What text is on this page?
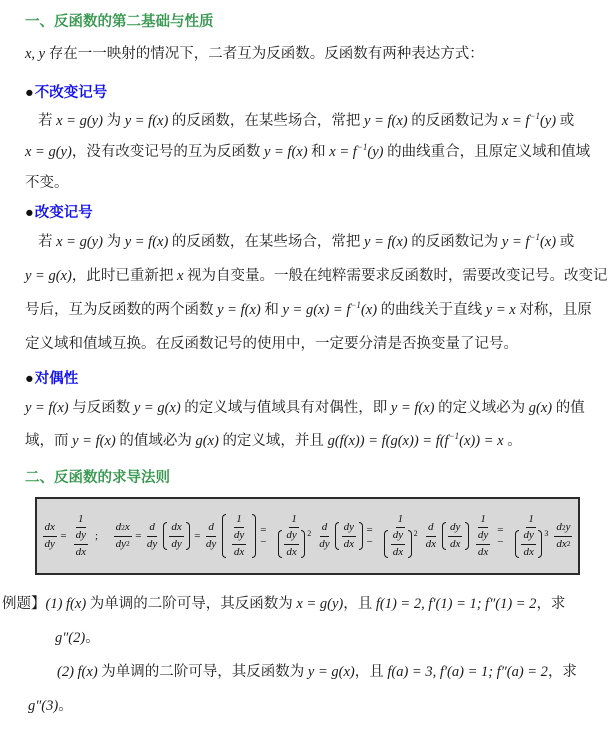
一、反函数的第二基础与性质
x, y 存在一一映射的情况下，二者互为反函数。反函数有两种表达方式：
●不改变记号
若 x = g(y) 为 y = f(x) 的反函数，在某些场合，常把 y = f(x) 的反函数记为 $x = f^{-1}(y)$ 或
x = g(y)，没有改变记号的互为反函数 y = f(x) 和 $x = f^{-1}(y)$ 的曲线重合，且原定义域和值域
不变。
●改变记号
若 x = g(y) 为 y = f(x) 的反函数，在某些场合，常把 y = f(x) 的反函数记为 $y = f^{-1}(x)$ 或
y = g(x)，此时已重新把 x 视为自变量。一般在纯粹需要求反函数时，需要改变记号。改变记
号后，互为反函数的两个函数 y = f(x) 和 $y = g(x) = f^{-1}(x)$ 的曲线关于直线 y = x 对称，且原
定义域和值域互换。在反函数记号的使用中，一定要分清是否换变量了记号。
●对偶性
y = f(x) 与反函数 y = g(x) 的定义域与值域具有对偶性，即 y = f(x) 的定义域必为 g(x) 的值
域，而 y = f(x) 的值域必为 g(x) 的定义域，并且 $g(f(x)) = f(g(x)) = f(f^{-1}(x)) = x$ 。
二、反函数的求导法则
$\frac{dx}{dy}$ =
1
dy
dx
; $\frac{d 2 x}{dy 2} = \frac{d}{dy}$ dx
dy
= $\frac{d}{dy}$
1
dy
dx
= −
1
dy
dx
2
d
dy
dy
dx
= −
1
dy
dx
2
d
dx
dy
dx
1
dy
dx
= −
1
dy
dx
3
d 2 y
dx 2
例题】(1) f(x) 为单调的二阶可导，其反函数为 x = g(y)，且 f(1) = 2, f′(1) = 1; f″(1) = 2，求
g″(2)。
(2) f(x) 为单调的二阶可导，其反函数为 y = g(x)，且 f(a) = 3, f′(a) = 1; f″(a) = 2，求
g″(3)。
